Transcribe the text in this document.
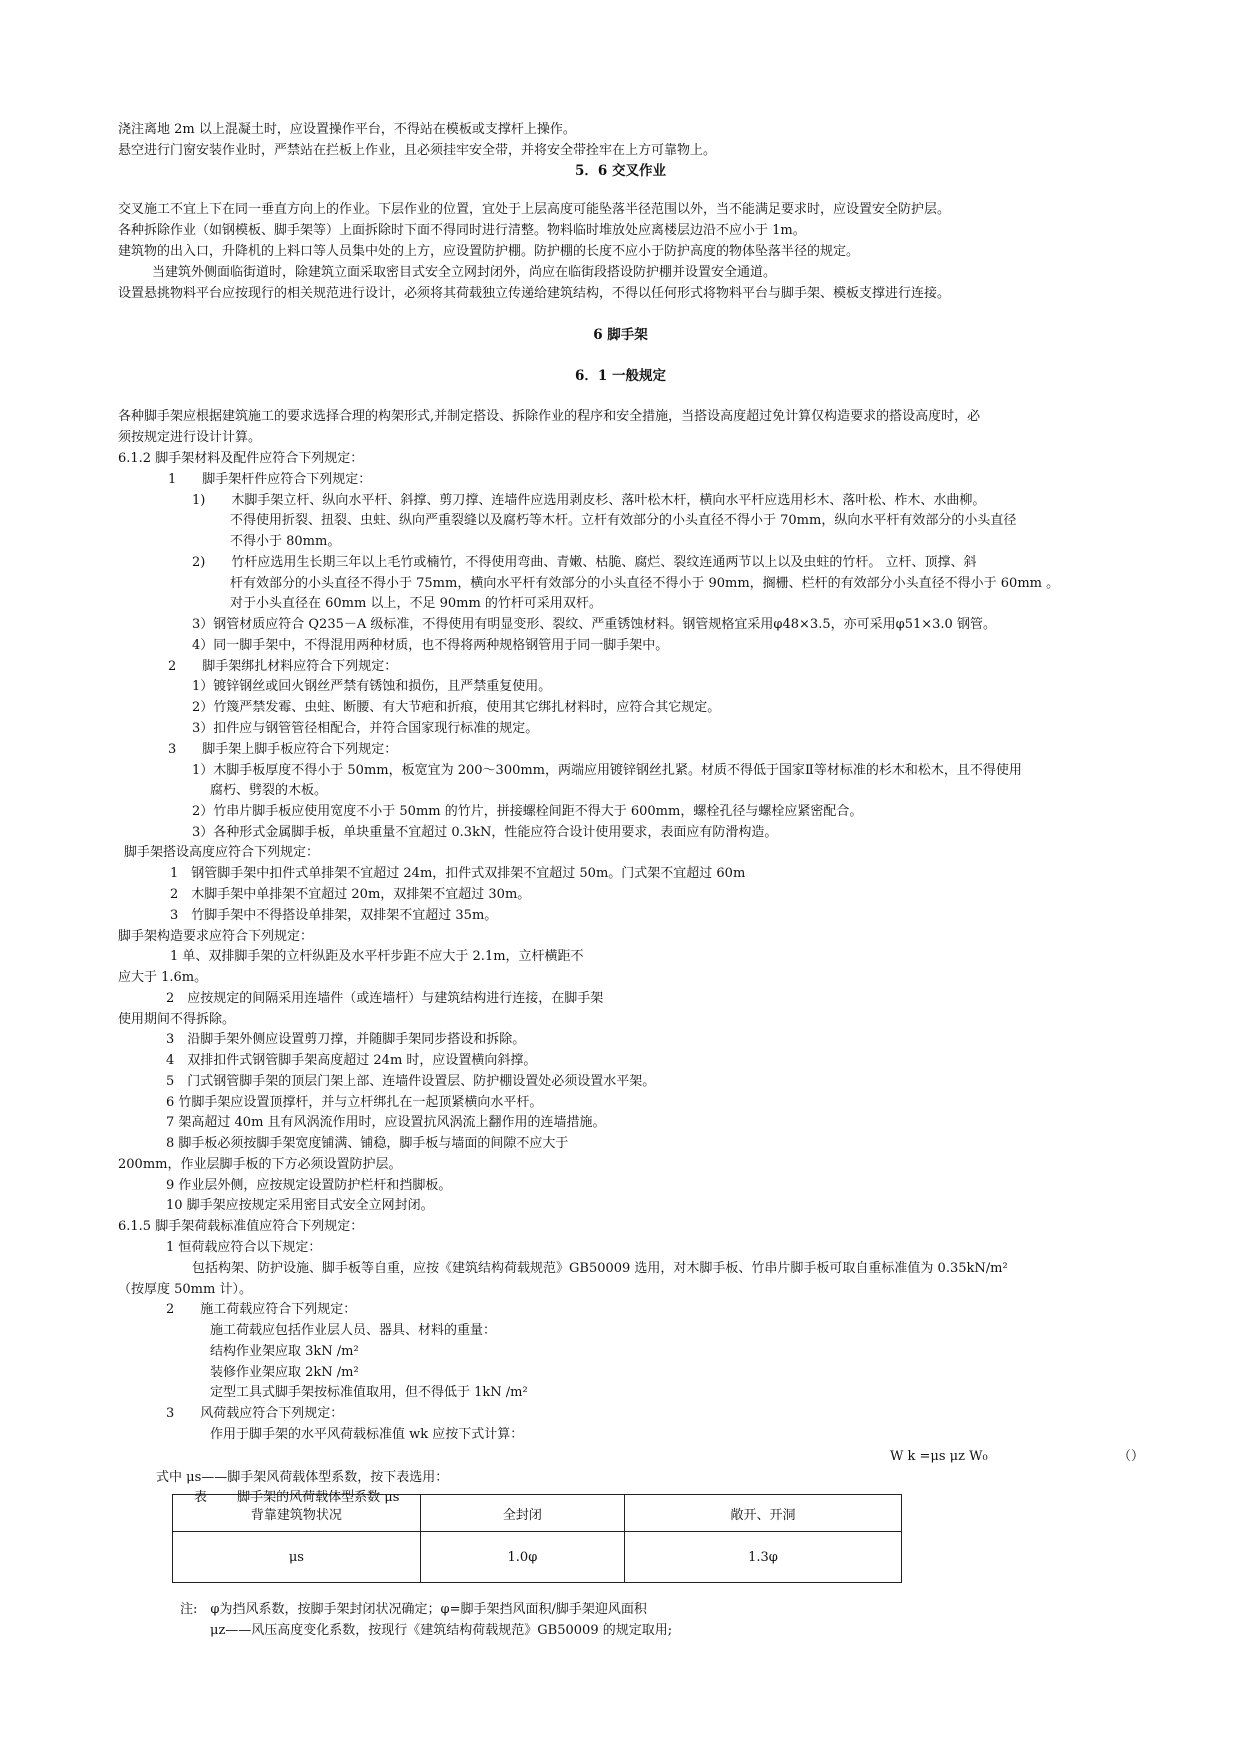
浇注离地 2m 以上混凝土时，应设置操作平台，不得站在模板或支撑杆上操作。
悬空进行门窗安装作业时，严禁站在拦板上作业，且必须挂牢安全带，并将安全带拴牢在上方可靠物上。
5．6 交叉作业
交叉施工不宜上下在同一垂直方向上的作业。下层作业的位置，宜处于上层高度可能坠落半径范围以外，当不能满足要求时，应设置安全防护层。
各种拆除作业（如钢模板、脚手架等）上面拆除时下面不得同时进行清整。物料临时堆放处应离楼层边沿不应小于 1m。
建筑物的出入口，升降机的上料口等人员集中处的上方，应设置防护棚。防护棚的长度不应小于防护高度的物体坠落半径的规定。
当建筑外侧面临街道时，除建筑立面采取密目式安全立网封闭外，尚应在临街段搭设防护棚并设置安全通道。
设置悬挑物料平台应按现行的相关规范进行设计，必须将其荷载独立传递给建筑结构，不得以任何形式将物料平台与脚手架、模板支撑进行连接。
6 脚手架
6．1 一般规定
各种脚手架应根据建筑施工的要求选择合理的构架形式,并制定搭设、拆除作业的程序和安全措施，当搭设高度超过免计算仅构造要求的搭设高度时，必
须按规定进行设计计算。
6.1.2 脚手架材料及配件应符合下列规定：
1　　脚手架杆件应符合下列规定：
1)　　木脚手架立杆、纵向水平杆、斜撑、剪刀撑、连墙件应选用剥皮杉、落叶松木杆，横向水平杆应选用杉木、落叶松、柞木、水曲柳。
不得使用折裂、扭裂、虫蛀、纵向严重裂缝以及腐朽等木杆。立杆有效部分的小头直径不得小于 70mm，纵向水平杆有效部分的小头直径
不得小于 80mm。
2)　　竹杆应选用生长期三年以上毛竹或楠竹，不得使用弯曲、青嫩、枯脆、腐烂、裂纹连通两节以上以及虫蛀的竹杆。 立杆、顶撑、斜
杆有效部分的小头直径不得小于 75mm，横向水平杆有效部分的小头直径不得小于 90mm，搁栅、栏杆的有效部分小头直径不得小于 60mm 。
对于小头直径在 60mm 以上，不足 90mm 的竹杆可采用双杆。
3）钢管材质应符合 Q235－A 级标准，不得使用有明显变形、裂纹、严重锈蚀材料。钢管规格宜采用φ48×3.5，亦可采用φ51×3.0 钢管。
4）同一脚手架中，不得混用两种材质，也不得将两种规格钢管用于同一脚手架中。
2　　脚手架绑扎材料应符合下列规定：
1）镀锌钢丝或回火钢丝严禁有锈蚀和损伤，且严禁重复使用。
2）竹篾严禁发霉、虫蛀、断腰、有大节疤和折痕，使用其它绑扎材料时，应符合其它规定。
3）扣件应与钢管管径相配合，并符合国家现行标准的规定。
3　　脚手架上脚手板应符合下列规定：
1）木脚手板厚度不得小于 50mm，板宽宜为 200～300mm，两端应用镀锌钢丝扎紧。材质不得低于国家Ⅱ等材标准的杉木和松木，且不得使用
腐朽、劈裂的木板。
2）竹串片脚手板应使用宽度不小于 50mm 的竹片，拼接螺栓间距不得大于 600mm，螺栓孔径与螺栓应紧密配合。
3）各种形式金属脚手板，单块重量不宜超过 0.3kN，性能应符合设计使用要求，表面应有防滑构造。
脚手架搭设高度应符合下列规定：
1　钢管脚手架中扣件式单排架不宜超过 24m，扣件式双排架不宜超过 50m。门式架不宜超过 60m
2　木脚手架中单排架不宜超过 20m，双排架不宜超过 30m。
3　竹脚手架中不得搭设单排架，双排架不宜超过 35m。
脚手架构造要求应符合下列规定：
1 单、双排脚手架的立杆纵距及水平杆步距不应大于 2.1m，立杆横距不
应大于 1.6m。
2　应按规定的间隔采用连墙件（或连墙杆）与建筑结构进行连接，在脚手架
使用期间不得拆除。
3　沿脚手架外侧应设置剪刀撑，并随脚手架同步搭设和拆除。
4　双排扣件式钢管脚手架高度超过 24m 时，应设置横向斜撑。
5　门式钢管脚手架的顶层门架上部、连墙件设置层、防护棚设置处必须设置水平架。
6 竹脚手架应设置顶撑杆，并与立杆绑扎在一起顶紧横向水平杆。
7 架高超过 40m 且有风涡流作用时，应设置抗风涡流上翻作用的连墙措施。
8 脚手板必须按脚手架宽度铺满、铺稳，脚手板与墙面的间隙不应大于
200mm，作业层脚手板的下方必须设置防护层。
9 作业层外侧，应按规定设置防护栏杆和挡脚板。
10 脚手架应按规定采用密目式安全立网封闭。
6.1.5 脚手架荷载标准值应符合下列规定：
1 恒荷载应符合以下规定：
包括构架、防护设施、脚手板等自重，应按《建筑结构荷载规范》GB50009 选用，对木脚手板、竹串片脚手板可取自重标准值为 0.35kN/m²
（按厚度 50mm 计）。
2　　施工荷载应符合下列规定：
施工荷载应包括作业层人员、器具、材料的重量：
结构作业架应取 3kN /m²
装修作业架应取 2kN /m²
定型工具式脚手架按标准值取用，但不得低于 1kN /m²
3　　风荷载应符合下列规定：
作用于脚手架的水平风荷载标准值 wk 应按下式计算：
W k =μs μz W₀	（）
式中 μs——脚手架风荷载体型系数，按下表选用：
表　　 脚手架的风荷载体型系数 μs
背靠建筑物状况	全封闭	敞开、开洞
μs	1.0φ	1.3φ
注:　φ为挡风系数，按脚手架封闭状况确定；φ=脚手架挡风面积/脚手架迎风面积
μz——风压高度变化系数，按现行《建筑结构荷载规范》GB50009 的规定取用;
